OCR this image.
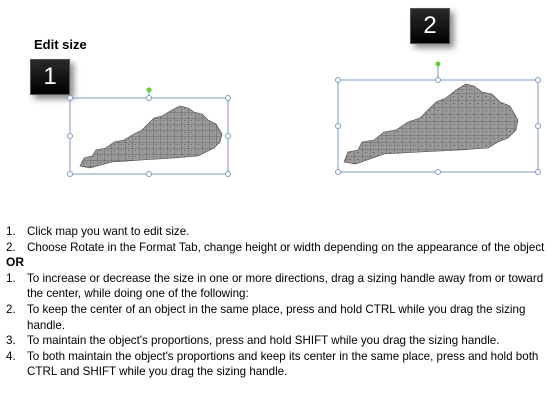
Edit size
1
2
1. Click map you want to edit size.
2. Choose Rotate in the Format Tab, change height or width depending on the appearance of the object
OR
1. To increase or decrease the size in one or more directions, drag a sizing handle away from or toward the center, while doing one of the following:
2. To keep the center of an object in the same place, press and hold CTRL while you drag the sizing handle.
3. To maintain the object's proportions, press and hold SHIFT while you drag the sizing handle.
4. To both maintain the object's proportions and keep its center in the same place, press and hold both CTRL and SHIFT while you drag the sizing handle.
